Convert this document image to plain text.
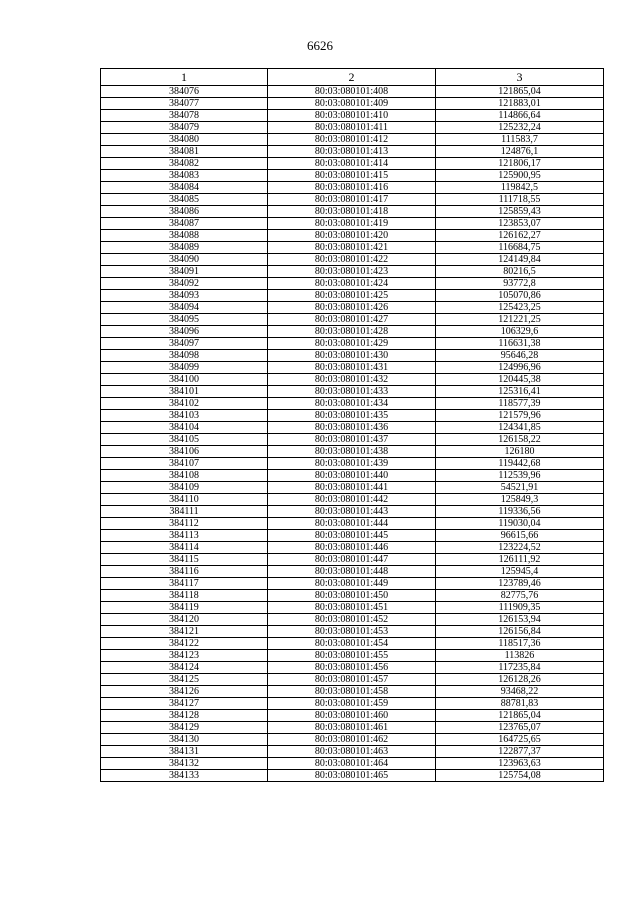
6626
1	2	3
384076	80:03:080101:408	121865,04
384077	80:03:080101:409	121883,01
384078	80:03:080101:410	114866,64
384079	80:03:080101:411	125232,24
384080	80:03:080101:412	111583,7
384081	80:03:080101:413	124876,1
384082	80:03:080101:414	121806,17
384083	80:03:080101:415	125900,95
384084	80:03:080101:416	119842,5
384085	80:03:080101:417	111718,55
384086	80:03:080101:418	125859,43
384087	80:03:080101:419	123853,07
384088	80:03:080101:420	126162,27
384089	80:03:080101:421	116684,75
384090	80:03:080101:422	124149,84
384091	80:03:080101:423	80216,5
384092	80:03:080101:424	93772,8
384093	80:03:080101:425	105070,86
384094	80:03:080101:426	125423,25
384095	80:03:080101:427	121221,25
384096	80:03:080101:428	106329,6
384097	80:03:080101:429	116631,38
384098	80:03:080101:430	95646,28
384099	80:03:080101:431	124996,96
384100	80:03:080101:432	120445,38
384101	80:03:080101:433	125316,41
384102	80:03:080101:434	118577,39
384103	80:03:080101:435	121579,96
384104	80:03:080101:436	124341,85
384105	80:03:080101:437	126158,22
384106	80:03:080101:438	126180
384107	80:03:080101:439	119442,68
384108	80:03:080101:440	112539,96
384109	80:03:080101:441	54521,91
384110	80:03:080101:442	125849,3
384111	80:03:080101:443	119336,56
384112	80:03:080101:444	119030,04
384113	80:03:080101:445	96615,66
384114	80:03:080101:446	123224,52
384115	80:03:080101:447	126111,92
384116	80:03:080101:448	125945,4
384117	80:03:080101:449	123789,46
384118	80:03:080101:450	82775,76
384119	80:03:080101:451	111909,35
384120	80:03:080101:452	126153,94
384121	80:03:080101:453	126156,84
384122	80:03:080101:454	118517,36
384123	80:03:080101:455	113826
384124	80:03:080101:456	117235,84
384125	80:03:080101:457	126128,26
384126	80:03:080101:458	93468,22
384127	80:03:080101:459	88781,83
384128	80:03:080101:460	121865,04
384129	80:03:080101:461	123765,07
384130	80:03:080101:462	164725,65
384131	80:03:080101:463	122877,37
384132	80:03:080101:464	123963,63
384133	80:03:080101:465	125754,08
